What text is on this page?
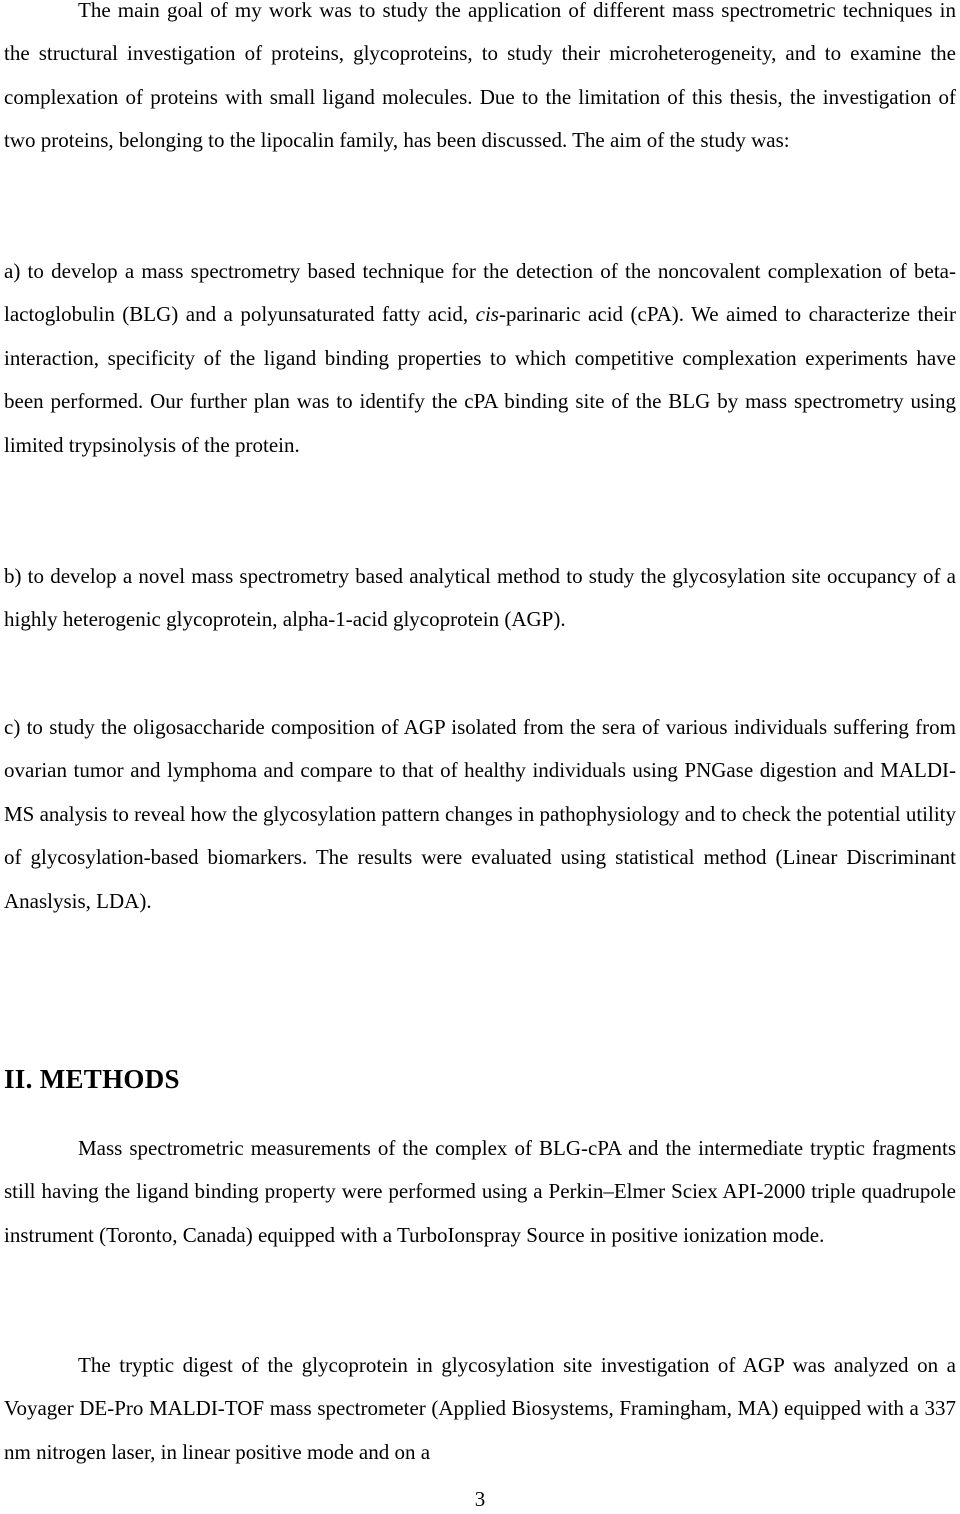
The main goal of my work was to study the application of different mass spectrometric techniques in the structural investigation of proteins, glycoproteins, to study their microheterogeneity, and to examine the complexation of proteins with small ligand molecules. Due to the limitation of this thesis, the investigation of two proteins, belonging to the lipocalin family, has been discussed. The aim of the study was:

a) to develop a mass spectrometry based technique for the detection of the noncovalent complexation of beta-lactoglobulin (BLG) and a polyunsaturated fatty acid, cis-parinaric acid (cPA). We aimed to characterize their interaction, specificity of the ligand binding properties to which competitive complexation experiments have been performed. Our further plan was to identify the cPA binding site of the BLG by mass spectrometry using limited trypsinolysis of the protein.

b) to develop a novel mass spectrometry based analytical method to study the glycosylation site occupancy of a highly heterogenic glycoprotein, alpha-1-acid glycoprotein (AGP).

c) to study the oligosaccharide composition of AGP isolated from the sera of various individuals suffering from ovarian tumor and lymphoma and compare to that of healthy individuals using PNGase digestion and MALDI-MS analysis to reveal how the glycosylation pattern changes in pathophysiology and to check the potential utility of glycosylation-based biomarkers. The results were evaluated using statistical method (Linear Discriminant Anaslysis, LDA).

II. METHODS

Mass spectrometric measurements of the complex of BLG-cPA and the intermediate tryptic fragments still having the ligand binding property were performed using a Perkin–Elmer Sciex API-2000 triple quadrupole instrument (Toronto, Canada) equipped with a TurboIonspray Source in positive ionization mode.

The tryptic digest of the glycoprotein in glycosylation site investigation of AGP was analyzed on a Voyager DE-Pro MALDI-TOF mass spectrometer (Applied Biosystems, Framingham, MA) equipped with a 337 nm nitrogen laser, in linear positive mode and on a

3
